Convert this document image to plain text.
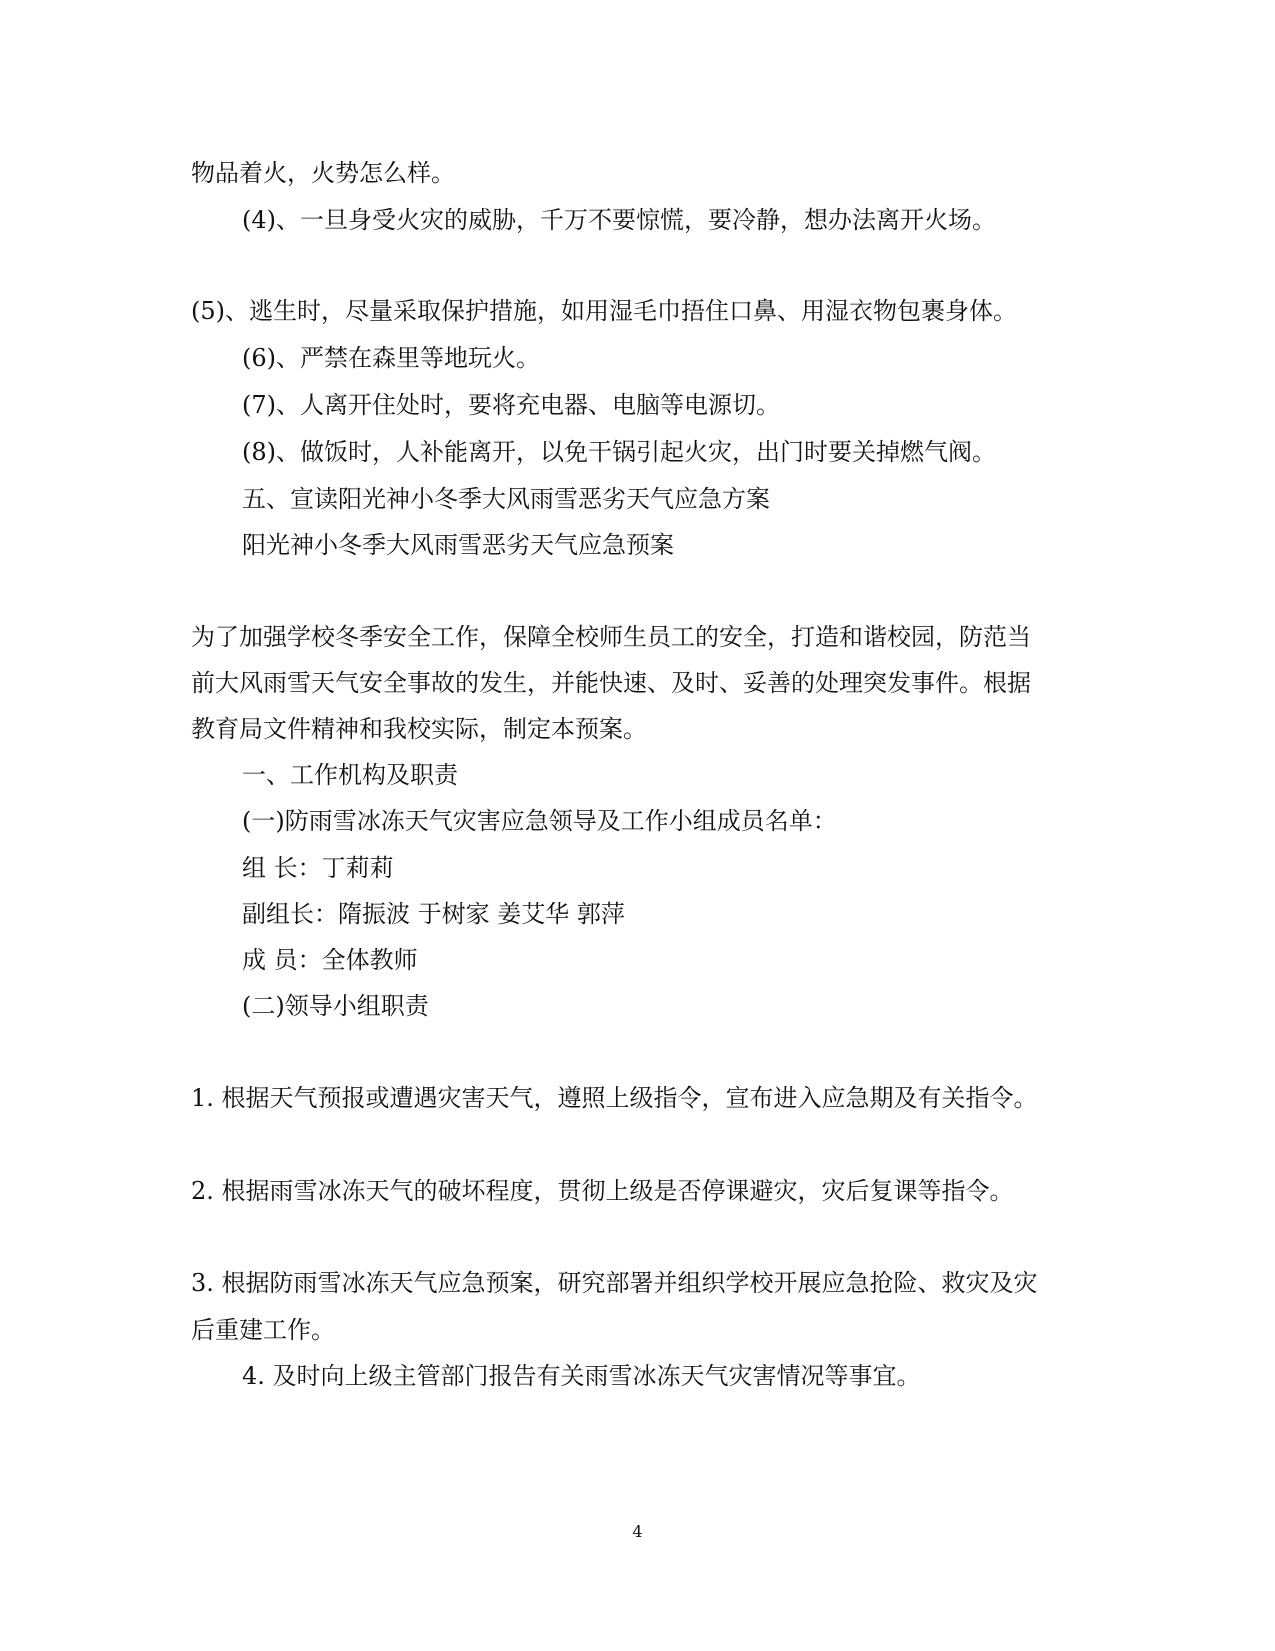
物品着火，火势怎么样。
(4)、一旦身受火灾的威胁，千万不要惊慌，要冷静，想办法离开火场。
(5)、逃生时，尽量采取保护措施，如用湿毛巾捂住口鼻、用湿衣物包裹身体。
(6)、严禁在森里等地玩火。
(7)、人离开住处时，要将充电器、电脑等电源切。
(8)、做饭时，人补能离开，以免干锅引起火灾，出门时要关掉燃气阀。
五、宣读阳光神小冬季大风雨雪恶劣天气应急方案
阳光神小冬季大风雨雪恶劣天气应急预案
为了加强学校冬季安全工作，保障全校师生员工的安全，打造和谐校园，防范当
前大风雨雪天气安全事故的发生，并能快速、及时、妥善的处理突发事件。根据
教育局文件精神和我校实际，制定本预案。
一、工作机构及职责
(一)防雨雪冰冻天气灾害应急领导及工作小组成员名单：
组 长：丁莉莉
副组长：隋振波 于树家 姜艾华 郭萍
成 员：全体教师
(二)领导小组职责
1. 根据天气预报或遭遇灾害天气，遵照上级指令，宣布进入应急期及有关指令。
2. 根据雨雪冰冻天气的破坏程度，贯彻上级是否停课避灾，灾后复课等指令。
3. 根据防雨雪冰冻天气应急预案，研究部署并组织学校开展应急抢险、救灾及灾
后重建工作。
4. 及时向上级主管部门报告有关雨雪冰冻天气灾害情况等事宜。
4
